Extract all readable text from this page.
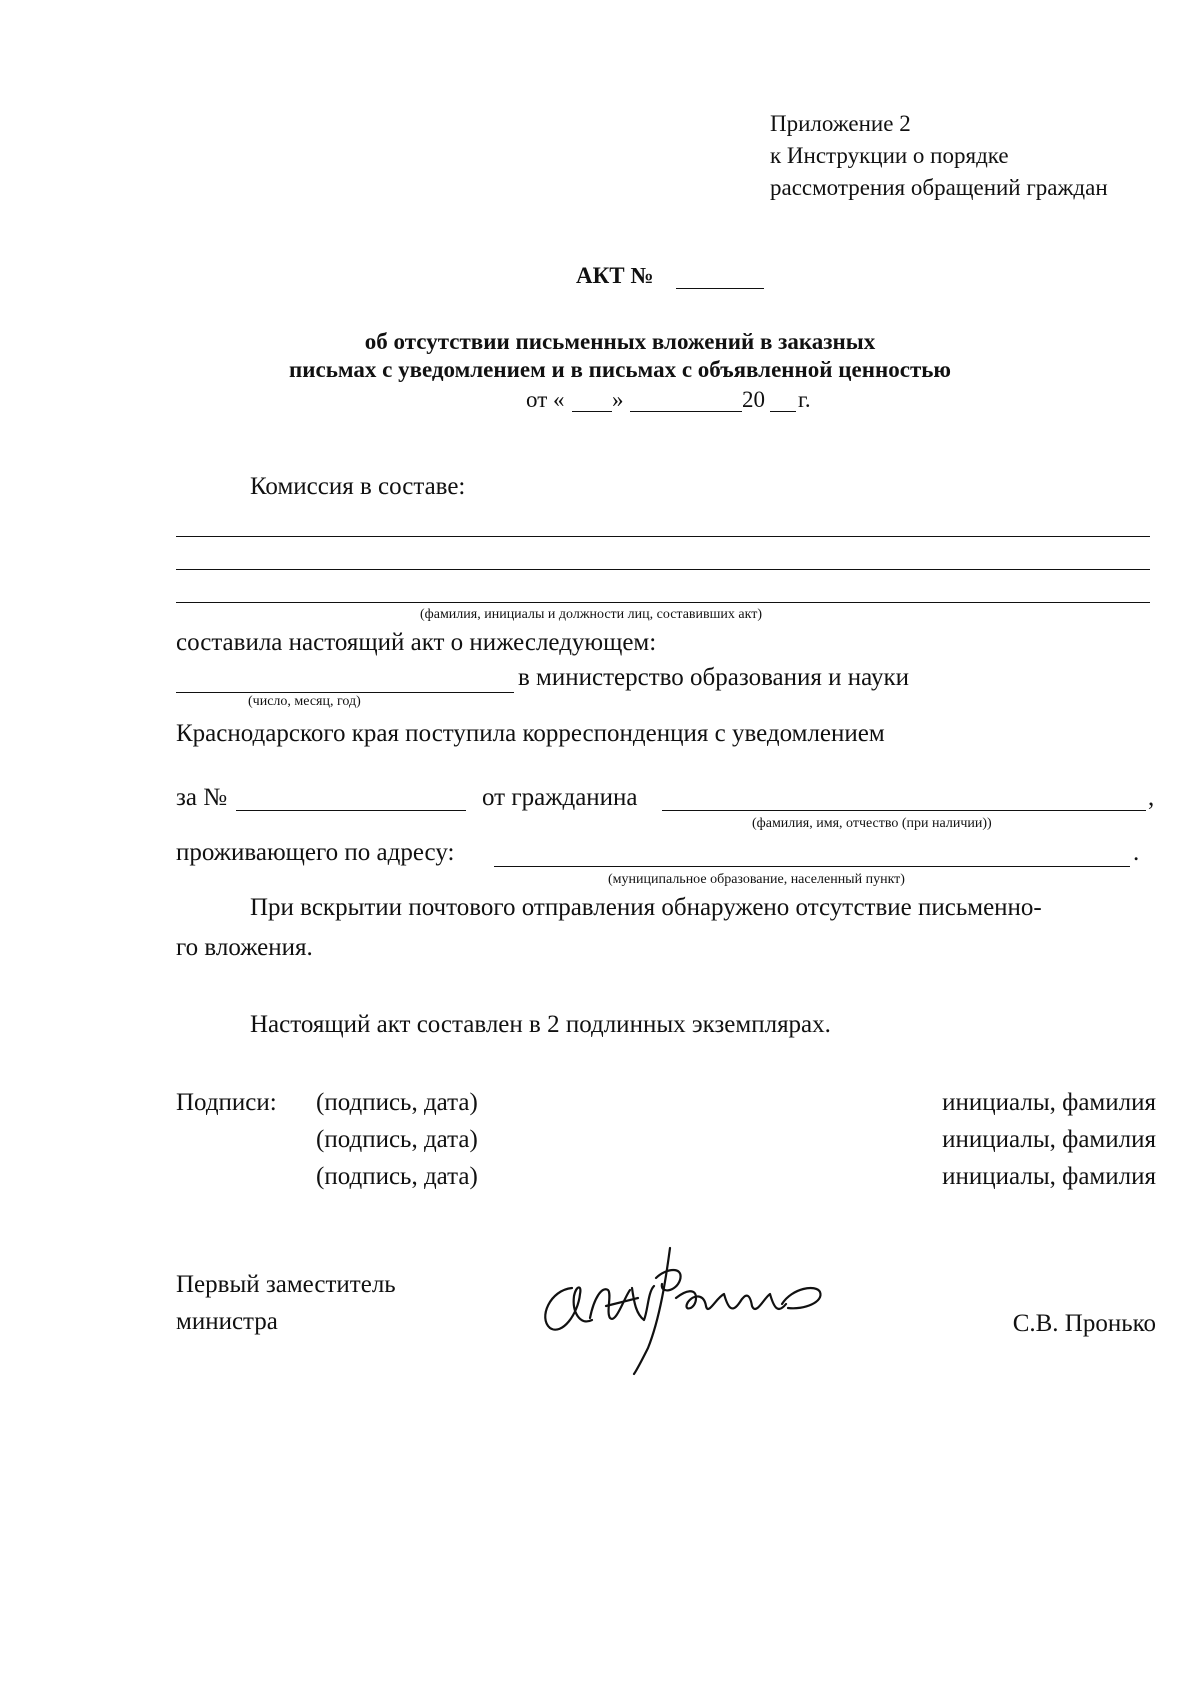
Приложение 2
к Инструкции о порядке
рассмотрения обращений граждан
АКТ №
об отсутствии письменных вложений в заказных
письмах с уведомлением и в письмах с объявленной ценностью
от « »	20 г.
Комиссия в составе:
(фамилия, инициалы и должности лиц, составивших акт)
составила настоящий акт о нижеследующем:
в министерство образования и науки
(число, месяц, год)
Краснодарского края поступила корреспонденция с уведомлением
за №	от гражданина	,
(фамилия, имя, отчество (при наличии))
проживающего по адресу:	.
(муниципальное образование, населенный пункт)
При вскрытии почтового отправления обнаружено отсутствие письменно-
го вложения.
Настоящий акт составлен в 2 подлинных экземплярах.
Подписи: (подпись, дата)	инициалы, фамилия
(подпись, дата)	инициалы, фамилия
(подпись, дата)	инициалы, фамилия
Первый заместитель
министра	С.В. Пронько
